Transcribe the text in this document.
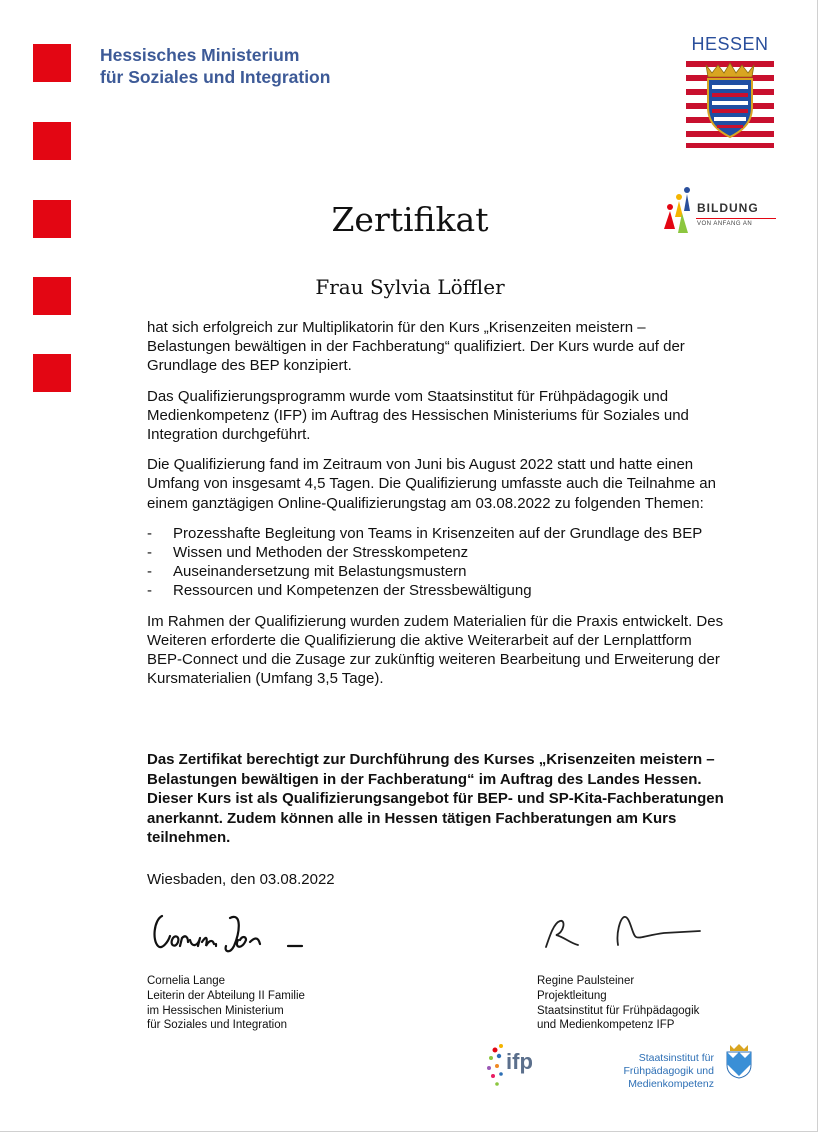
Hessisches Ministerium
für Soziales und Integration
HESSEN
BILDUNG
VON ANFANG AN
Zertifikat
Frau Sylvia Löffler

hat sich erfolgreich zur Multiplikatorin für den Kurs „Krisenzeiten meistern – Belastungen bewältigen in der Fachberatung“ qualifiziert. Der Kurs wurde auf der Grundlage des BEP konzipiert.

Das Qualifizierungsprogramm wurde vom Staatsinstitut für Frühpädagogik und Medienkompetenz (IFP) im Auftrag des Hessischen Ministeriums für Soziales und Integration durchgeführt.

Die Qualifizierung fand im Zeitraum von Juni bis August 2022 statt und hatte einen Umfang von insgesamt 4,5 Tagen. Die Qualifizierung umfasste auch die Teilnahme an einem ganztägigen Online-Qualifizierungstag am 03.08.2022 zu folgenden Themen:

- Prozesshafte Begleitung von Teams in Krisenzeiten auf der Grundlage des BEP
- Wissen und Methoden der Stresskompetenz
- Auseinandersetzung mit Belastungsmustern
- Ressourcen und Kompetenzen der Stressbewältigung

Im Rahmen der Qualifizierung wurden zudem Materialien für die Praxis entwickelt. Des Weiteren erforderte die Qualifizierung die aktive Weiterarbeit auf der Lernplattform BEP-Connect und die Zusage zur zukünftig weiteren Bearbeitung und Erweiterung der Kursmaterialien (Umfang 3,5 Tage).

Das Zertifikat berechtigt zur Durchführung des Kurses „Krisenzeiten meistern – Belastungen bewältigen in der Fachberatung“ im Auftrag des Landes Hessen. Dieser Kurs ist als Qualifizierungsangebot für BEP- und SP-Kita-Fachberatungen anerkannt. Zudem können alle in Hessen tätigen Fachberatungen am Kurs teilnehmen.
Wiesbaden, den 03.08.2022
Cornelia Lange
Leiterin der Abteilung II Familie
im Hessischen Ministerium
für Soziales und Integration
Regine Paulsteiner
Projektleitung
Staatsinstitut für Frühpädagogik
und Medienkompetenz IFP
ifp	Staatsinstitut für
Frühpädagogik und Medienkompetenz
